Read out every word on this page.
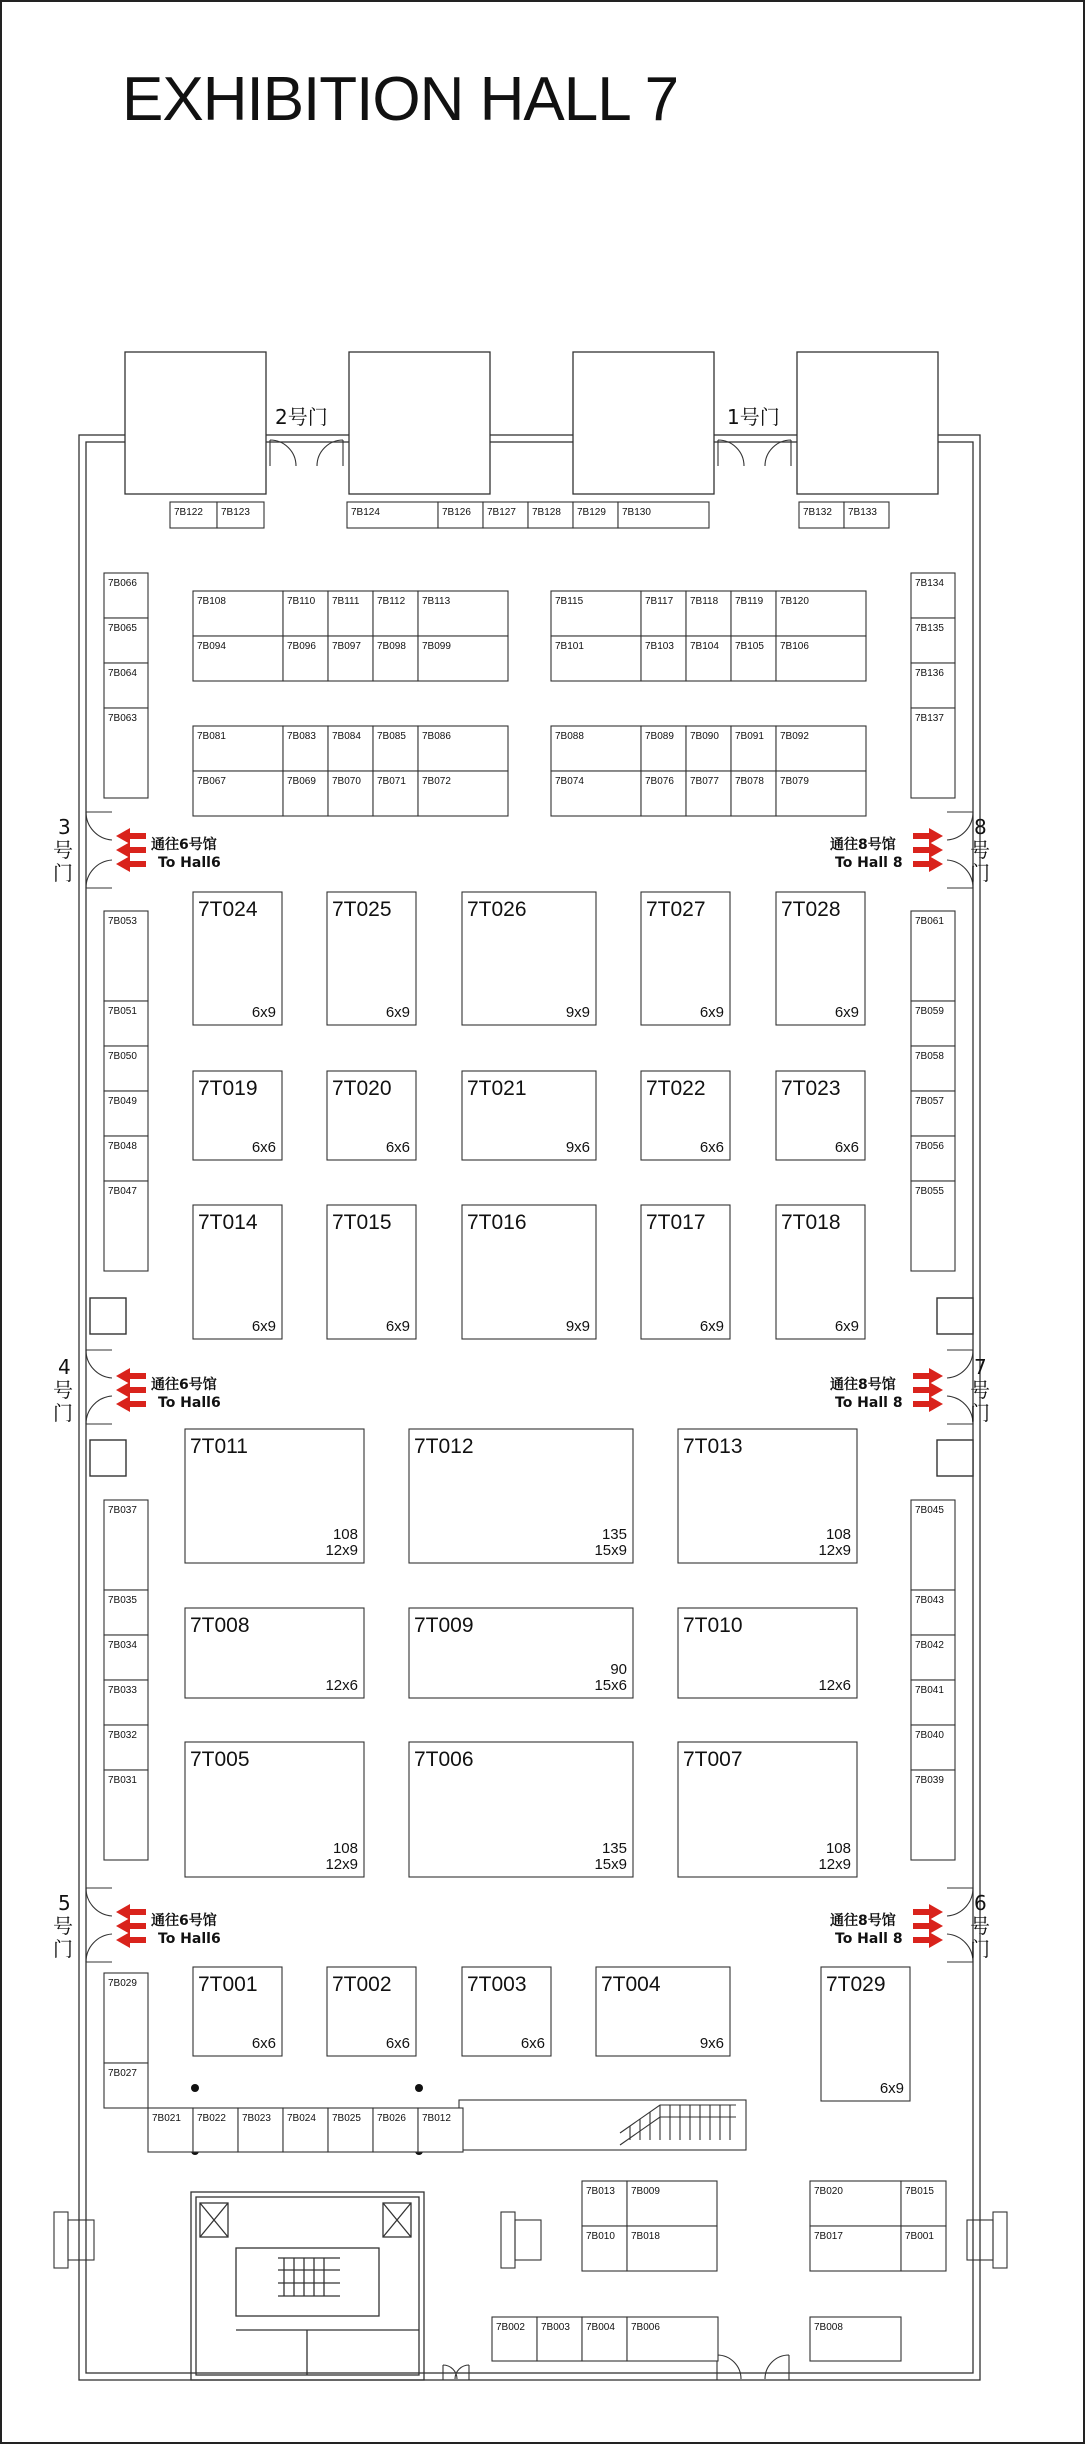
EXHIBITION HALL 7
2号门	1号门
3
号
门
8
号
门
4
号
门
7
号
门
5
号
门
6
号
门
通往6号馆
To Hall6
通往8号馆
To Hall 8
通往6号馆
To Hall6
通往8号馆
To Hall 8
通往6号馆
To Hall6
通往8号馆
To Hall 8
7B122 7B123	7B124	7B126 7B127 7B128 7B129 7B130	7B132 7B133
7B066
7B065
7B064
7B063
7B134
7B135
7B136
7B137
7B108	7B110 7B111 7B112 7B113
7B094	7B096 7B097 7B098 7B099
7B115	7B117 7B118 7B119 7B120
7B101	7B103 7B104 7B105 7B106
7B081	7B083 7B084 7B085 7B086
7B067	7B069 7B070 7B071 7B072
7B088	7B089 7B090 7B091 7B092
7B074	7B076 7B077 7B078 7B079
7B053
7B051
7B050
7B049
7B048
7B047
7B061
7B059
7B058
7B057
7B056
7B055
7B037
7B035
7B034
7B033
7B032
7B031
7B045
7B043
7B042
7B041
7B040
7B039
7B029
7B027
7B021 7B022 7B023 7B024 7B025 7B026 7B012
7B013 7B009
7B010 7B018
7B020	7B015
7B017	7B001
7B002 7B003 7B004 7B006	7B008
7T024
6x9
7T025
6x9
7T026
9x9
7T027
6x9
7T028
6x9
7T019
6x6
7T020
6x6
7T021
9x6
7T022
6x6
7T023
6x6
7T014
6x9
7T015
6x9
7T016
9x9
7T017
6x9
7T018
6x9
7T011
108
12x9
7T012
135
15x9
7T013
108
12x9
7T008
12x6
7T009
90
15x6
7T010
12x6
7T005
108
12x9
7T006
135
15x9
7T007
108
12x9
7T001
6x6
7T002
6x6
7T003
6x6
7T004
9x6
7T029
6x9
